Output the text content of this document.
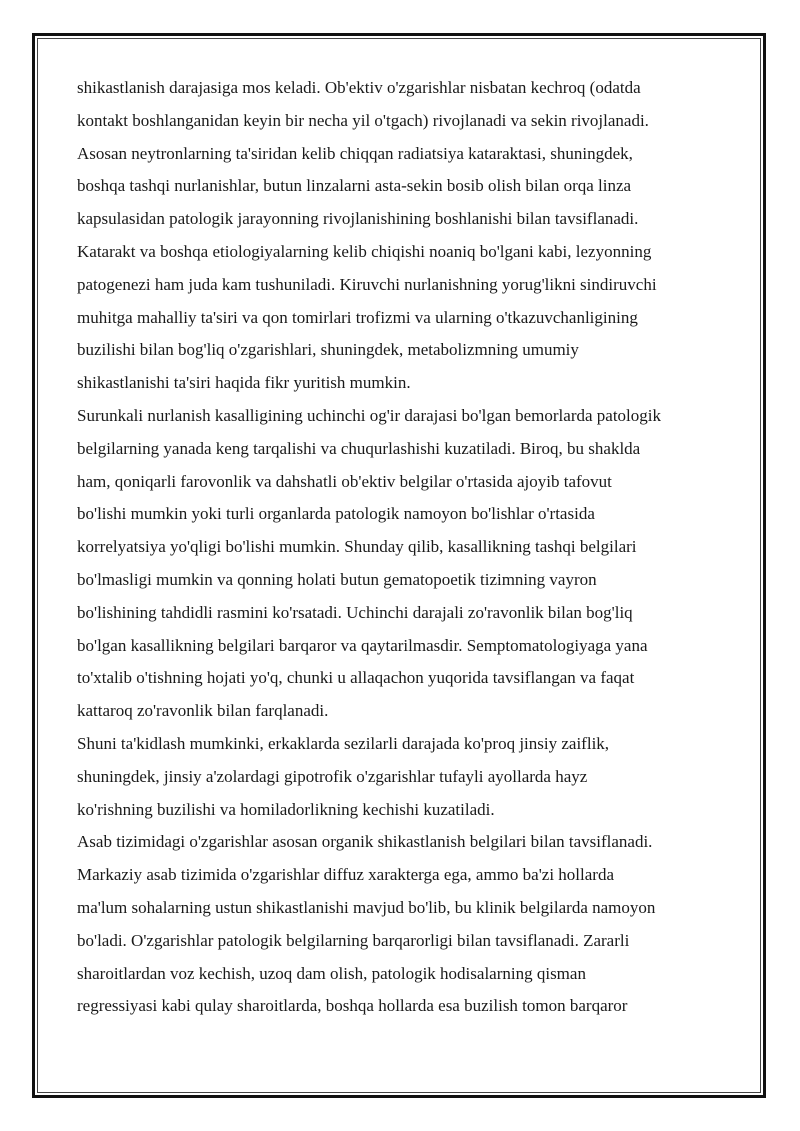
shikastlanish darajasiga mos keladi. Ob'ektiv o'zgarishlar nisbatan kechroq (odatda
kontakt boshlanganidan keyin bir necha yil o'tgach) rivojlanadi va sekin rivojlanadi.
Asosan neytronlarning ta'siridan kelib chiqqan radiatsiya kataraktasi, shuningdek,
boshqa tashqi nurlanishlar, butun linzalarni asta-sekin bosib olish bilan orqa linza
kapsulasidan patologik jarayonning rivojlanishining boshlanishi bilan tavsiflanadi.
Katarakt va boshqa etiologiyalarning kelib chiqishi noaniq bo'lgani kabi, lezyonning
patogenezi ham juda kam tushuniladi. Kiruvchi nurlanishning yorug'likni sindiruvchi
muhitga mahalliy ta'siri va qon tomirlari trofizmi va ularning o'tkazuvchanligining
buzilishi bilan bog'liq o'zgarishlari, shuningdek, metabolizmning umumiy
shikastlanishi ta'siri haqida fikr yuritish mumkin.
Surunkali nurlanish kasalligining uchinchi og'ir darajasi bo'lgan bemorlarda patologik
belgilarning yanada keng tarqalishi va chuqurlashishi kuzatiladi. Biroq, bu shaklda
ham, qoniqarli farovonlik va dahshatli ob'ektiv belgilar o'rtasida ajoyib tafovut
bo'lishi mumkin yoki turli organlarda patologik namoyon bo'lishlar o'rtasida
korrelyatsiya yo'qligi bo'lishi mumkin. Shunday qilib, kasallikning tashqi belgilari
bo'lmasligi mumkin va qonning holati butun gematopoetik tizimning vayron
bo'lishining tahdidli rasmini ko'rsatadi. Uchinchi darajali zo'ravonlik bilan bog'liq
bo'lgan kasallikning belgilari barqaror va qaytarilmasdir. Semptomatologiyaga yana
to'xtalib o'tishning hojati yo'q, chunki u allaqachon yuqorida tavsiflangan va faqat
kattaroq zo'ravonlik bilan farqlanadi.
Shuni ta'kidlash mumkinki, erkaklarda sezilarli darajada ko'proq jinsiy zaiflik,
shuningdek, jinsiy a'zolardagi gipotrofik o'zgarishlar tufayli ayollarda hayz
ko'rishning buzilishi va homiladorlikning kechishi kuzatiladi.
Asab tizimidagi o'zgarishlar asosan organik shikastlanish belgilari bilan tavsiflanadi.
Markaziy asab tizimida o'zgarishlar diffuz xarakterga ega, ammo ba'zi hollarda
ma'lum sohalarning ustun shikastlanishi mavjud bo'lib, bu klinik belgilarda namoyon
bo'ladi. O'zgarishlar patologik belgilarning barqarorligi bilan tavsiflanadi. Zararli
sharoitlardan voz kechish, uzoq dam olish, patologik hodisalarning qisman
regressiyasi kabi qulay sharoitlarda, boshqa hollarda esa buzilish tomon barqaror
